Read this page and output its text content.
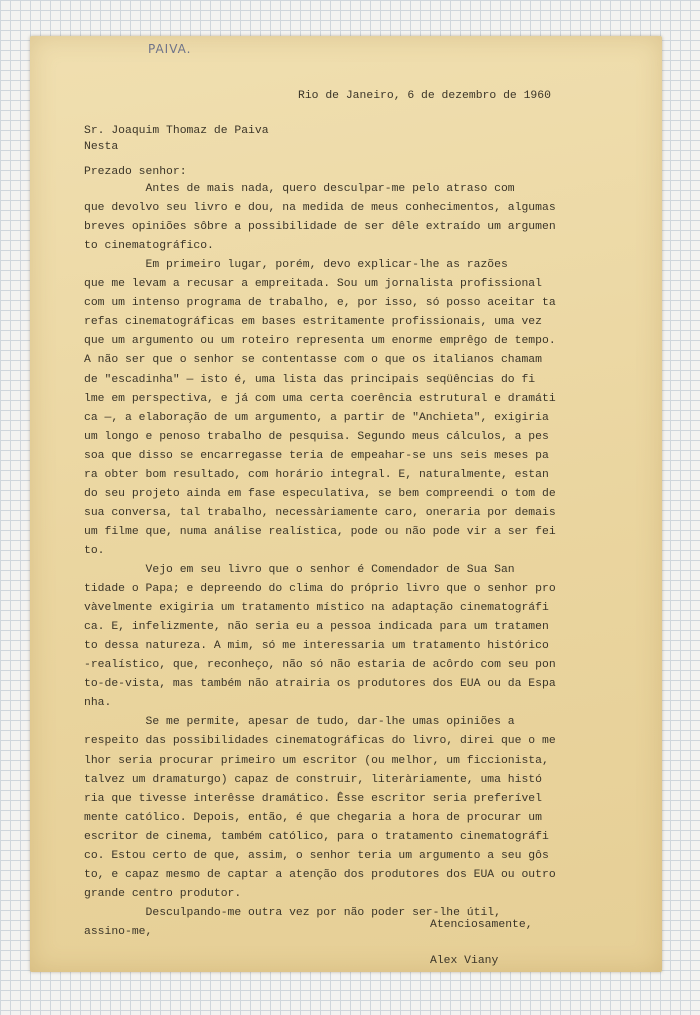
PAIVA.
Rio de Janeiro, 6 de dezembro de 1960
Sr. Joaquim Thomaz de Paiva
Nesta
Prezado senhor:
Antes de mais nada, quero desculpar-me pelo atraso com
que devolvo seu livro e dou, na medida de meus conhecimentos, algumas
breves opiniões sôbre a possibilidade de ser dêle extraído um argumen
to cinematográfico.
Em primeiro lugar, porém, devo explicar-lhe as razões
que me levam a recusar a empreitada. Sou um jornalista profissional
com um intenso programa de trabalho, e, por isso, só posso aceitar ta
refas cinematográficas em bases estritamente profissionais, uma vez
que um argumento ou um roteiro representa um enorme emprêgo de tempo.
A não ser que o senhor se contentasse com o que os italianos chamam
de "escadinha" — isto é, uma lista das principais seqüências do fi
lme em perspectiva, e já com uma certa coerência estrutural e dramáti
ca —, a elaboração de um argumento, a partir de "Anchieta", exigiria
um longo e penoso trabalho de pesquisa. Segundo meus cálculos, a pes
soa que disso se encarregasse teria de empeahar-se uns seis meses pa
ra obter bom resultado, com horário integral. E, naturalmente, estan
do seu projeto ainda em fase especulativa, se bem compreendi o tom de
sua conversa, tal trabalho, necessàriamente caro, oneraria por demais
um filme que, numa análise realística, pode ou não pode vir a ser fei
to.
Vejo em seu livro que o senhor é Comendador de Sua San
tidade o Papa; e depreendo do clima do próprio livro que o senhor pro
vàvelmente exigiria um tratamento místico na adaptação cinematográfi
ca. E, infelizmente, não seria eu a pessoa indicada para um tratamen
to dessa natureza. A mim, só me interessaria um tratamento histórico
-realístico, que, reconheço, não só não estaria de acôrdo com seu pon
to-de-vista, mas também não atrairia os produtores dos EUA ou da Espa
nha.
Se me permite, apesar de tudo, dar-lhe umas opiniões a
respeito das possibilidades cinematográficas do livro, direi que o me
lhor seria procurar primeiro um escritor (ou melhor, um ficcionista,
talvez um dramaturgo) capaz de construir, literàriamente, uma histó
ria que tivesse interêsse dramático. Êsse escritor seria preferível
mente católico. Depois, então, é que chegaria a hora de procurar um
escritor de cinema, também católico, para o tratamento cinematográfi
co. Estou certo de que, assim, o senhor teria um argumento a seu gôs
to, e capaz mesmo de captar a atenção dos produtores dos EUA ou outro
grande centro produtor.
Desculpando-me outra vez por não poder ser-lhe útil,
assino-me,
Atenciosamente,
Alex Viany
